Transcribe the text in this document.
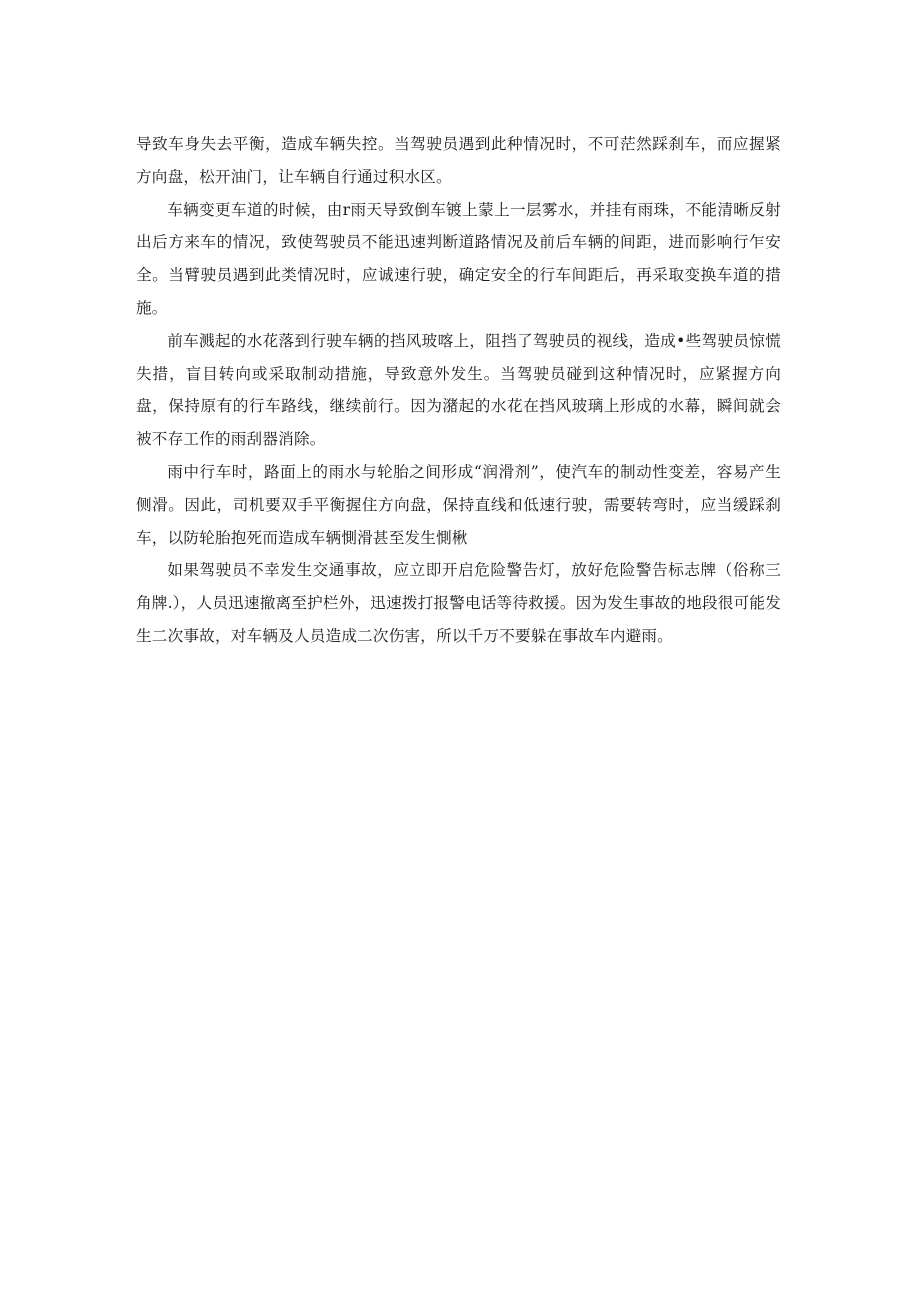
导致车身失去平衡，造成车辆失控。当驾驶员遇到此种情况时，不可茫然踩刹车，而应握紧方向盘，松开油门，让车辆自行通过积水区。

车辆变更车道的时候，由r雨天导致倒车镀上蒙上一层雾水，并挂有雨珠，不能清晰反射出后方来车的情况，致使驾驶员不能迅速判断道路情况及前后车辆的间距，进而影响行乍安全。当臂驶员遇到此类情况时，应诚速行驶，确定安全的行车间距后，再采取变换车道的措施。

前车溅起的水花落到行驶车辆的挡风玻喀上，阻挡了驾驶员的视线，造成•些驾驶员惊慌失措，盲目转向或采取制动措施，导致意外发生。当驾驶员碰到这种情况时，应紧握方向盘，保持原有的行车路线，继续前行。因为潴起的水花在挡风玻璃上形成的水幕，瞬间就会被不存工作的雨刮器消除。

雨中行车时，路面上的雨水与轮胎之间形成“润滑剂”，使汽车的制动性变差，容易产生侧滑。因此，司机要双手平衡握住方向盘，保持直线和低速行驶，需要转弯时，应当缓踩刹车，以防轮胎抱死而造成车辆惻滑甚至发生惻楸

如果驾驶员不幸发生交通事故，应立即开启危险警告灯，放好危险警告标志牌（俗称三角牌.），人员迅速撤离至护栏外，迅速拨打报警电话等待救援。因为发生事故的地段很可能发生二次事故，对车辆及人员造成二次伤害，所以千万不要躲在事故车内避雨。
